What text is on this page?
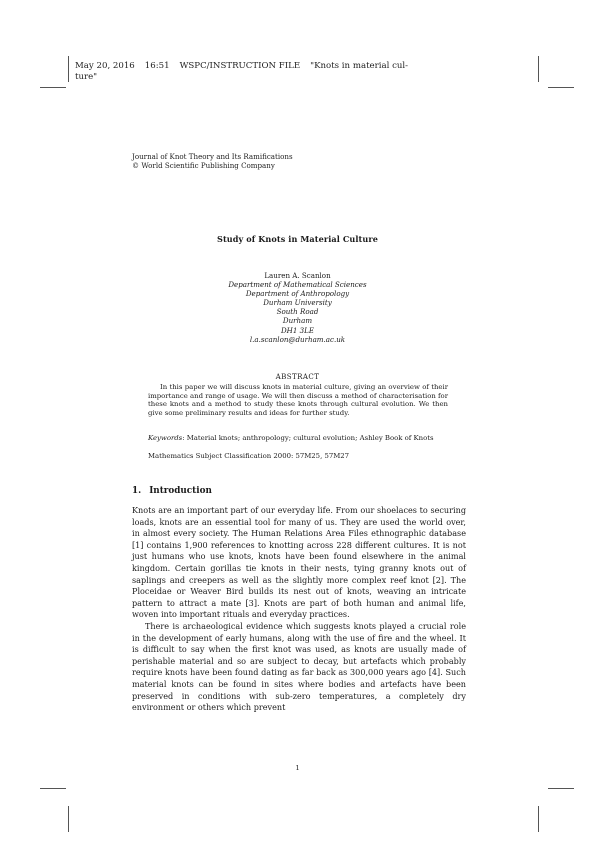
May 20, 2016 16:51 WSPC/INSTRUCTION FILE "Knots in material cul-
ture"
Journal of Knot Theory and Its Ramifications
© World Scientific Publishing Company
Study of Knots in Material Culture
Lauren A. Scanlon
Department of Mathematical Sciences
Department of Anthropology
Durham University
South Road
Durham
DH1 3LE
l.a.scanlon@durham.ac.uk
ABSTRACT
In this paper we will discuss knots in material culture, giving an overview of their importance and range of usage. We will then discuss a method of characterisation for these knots and a method to study these knots through cultural evolution. We then give some preliminary results and ideas for further study.
Keywords: Material knots; anthropology; cultural evolution; Ashley Book of Knots
Mathematics Subject Classification 2000: 57M25, 57M27
1. Introduction

Knots are an important part of our everyday life. From our shoelaces to securing loads, knots are an essential tool for many of us. They are used the world over, in almost every society. The Human Relations Area Files ethnographic database [1] contains 1,900 references to knotting across 228 different cultures. It is not just humans who use knots, knots have been found elsewhere in the animal kingdom. Certain gorillas tie knots in their nests, tying granny knots out of saplings and creepers as well as the slightly more complex reef knot [2]. The Ploceidae or Weaver Bird builds its nest out of knots, weaving an intricate pattern to attract a mate [3]. Knots are part of both human and animal life, woven into important rituals and everyday practices.

There is archaeological evidence which suggests knots played a crucial role in the development of early humans, along with the use of fire and the wheel. It is difficult to say when the first knot was used, as knots are usually made of perishable material and so are subject to decay, but artefacts which probably require knots have been found dating as far back as 300,000 years ago [4]. Such material knots can be found in sites where bodies and artefacts have been preserved in conditions with sub-zero temperatures, a completely dry environment or others which prevent

1
